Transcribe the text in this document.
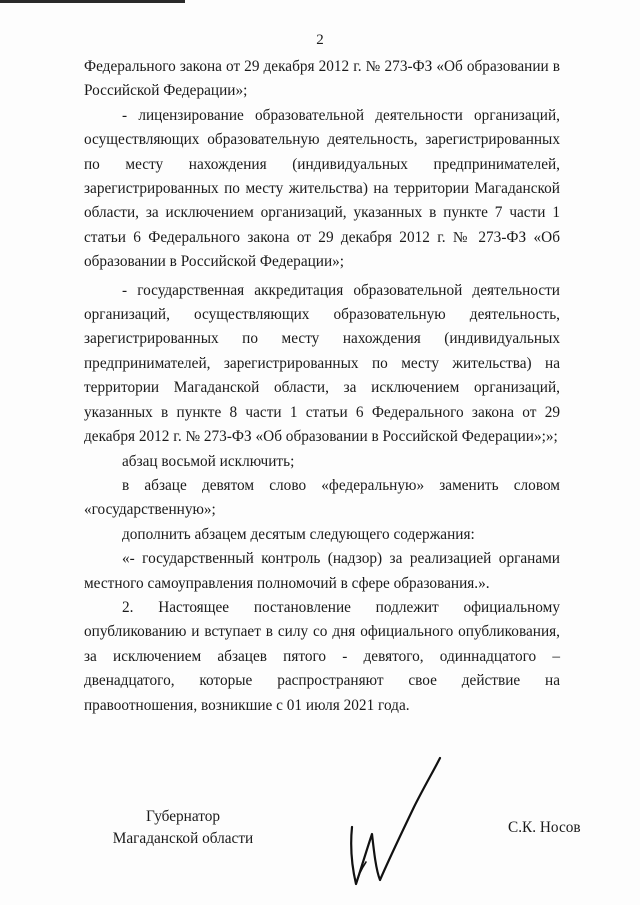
2

Федерального закона от 29 декабря 2012 г. № 273-ФЗ «Об образовании в Российской Федерации»;

- лицензирование образовательной деятельности организаций, осуществляющих образовательную деятельность, зарегистрированных по месту нахождения (индивидуальных предпринимателей, зарегистрированных по месту жительства) на территории Магаданской области, за исключением организаций, указанных в пункте 7 части 1 статьи 6 Федерального закона от 29 декабря 2012 г. № 273-ФЗ «Об образовании в Российской Федерации»;

- государственная аккредитация образовательной деятельности организаций, осуществляющих образовательную деятельность, зарегистрированных по месту нахождения (индивидуальных предпринимателей, зарегистрированных по месту жительства) на территории Магаданской области, за исключением организаций, указанных в пункте 8 части 1 статьи 6 Федерального закона от 29 декабря 2012 г. № 273-ФЗ «Об образовании в Российской Федерации»;»;

абзац восьмой исключить;

в абзаце девятом слово «федеральную» заменить словом «государственную»;

дополнить абзацем десятым следующего содержания:

«- государственный контроль (надзор) за реализацией органами местного самоуправления полномочий в сфере образования.».

2. Настоящее постановление подлежит официальному опубликованию и вступает в силу со дня официального опубликования, за исключением абзацев пятого - девятого, одиннадцатого – двенадцатого, которые распространяют свое действие на правоотношения, возникшие с 01 июля 2021 года.

Губернатор
Магаданской области
С.К. Носов
